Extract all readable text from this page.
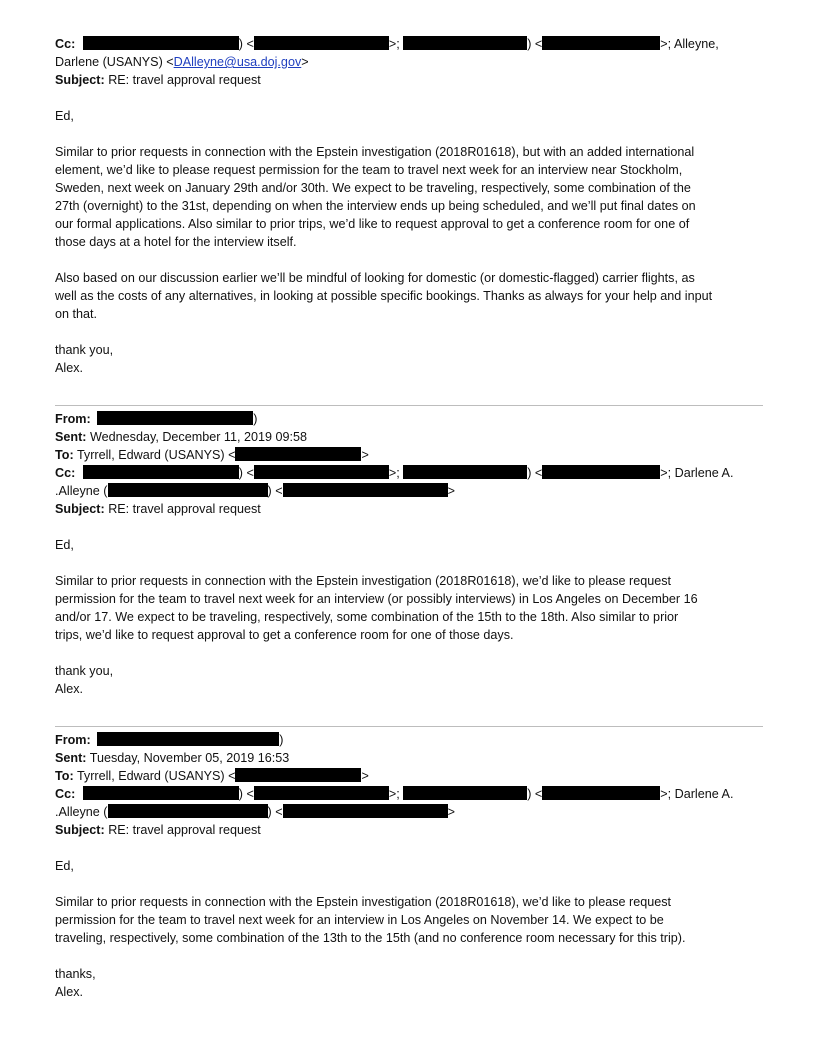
Cc:	) <	>;	) <	>; Alleyne,
Darlene (USANYS) <DAlleyne@usa.doj.gov>
Subject: RE: travel approval request
Ed,
Similar to prior requests in connection with the Epstein investigation (2018R01618), but with an added international
element, we’d like to please request permission for the team to travel next week for an interview near Stockholm,
Sweden, next week on January 29th and/or 30th. We expect to be traveling, respectively, some combination of the
27th (overnight) to the 31st, depending on when the interview ends up being scheduled, and we’ll put final dates on
our formal applications. Also similar to prior trips, we’d like to request approval to get a conference room for one of
those days at a hotel for the interview itself.
Also based on our discussion earlier we’ll be mindful of looking for domestic (or domestic-flagged) carrier flights, as
well as the costs of any alternatives, in looking at possible specific bookings. Thanks as always for your help and input
on that.
thank you,
Alex.
From:	)
Sent: Wednesday, December 11, 2019 09:58
To: Tyrrell, Edward (USANYS) <	>
Cc:	) <	>;	) <	>; Darlene A.
.Alleyne (	) <	>
Subject: RE: travel approval request
Ed,
Similar to prior requests in connection with the Epstein investigation (2018R01618), we’d like to please request
permission for the team to travel next week for an interview (or possibly interviews) in Los Angeles on December 16
and/or 17. We expect to be traveling, respectively, some combination of the 15th to the 18th. Also similar to prior
trips, we’d like to request approval to get a conference room for one of those days.
thank you,
Alex.
From:	)
Sent: Tuesday, November 05, 2019 16:53
To: Tyrrell, Edward (USANYS) <	>
Cc:	) <	>;	) <	>; Darlene A.
.Alleyne (	) <	>
Subject: RE: travel approval request
Ed,
Similar to prior requests in connection with the Epstein investigation (2018R01618), we’d like to please request
permission for the team to travel next week for an interview in Los Angeles on November 14. We expect to be
traveling, respectively, some combination of the 13th to the 15th (and no conference room necessary for this trip).
thanks,
Alex.
